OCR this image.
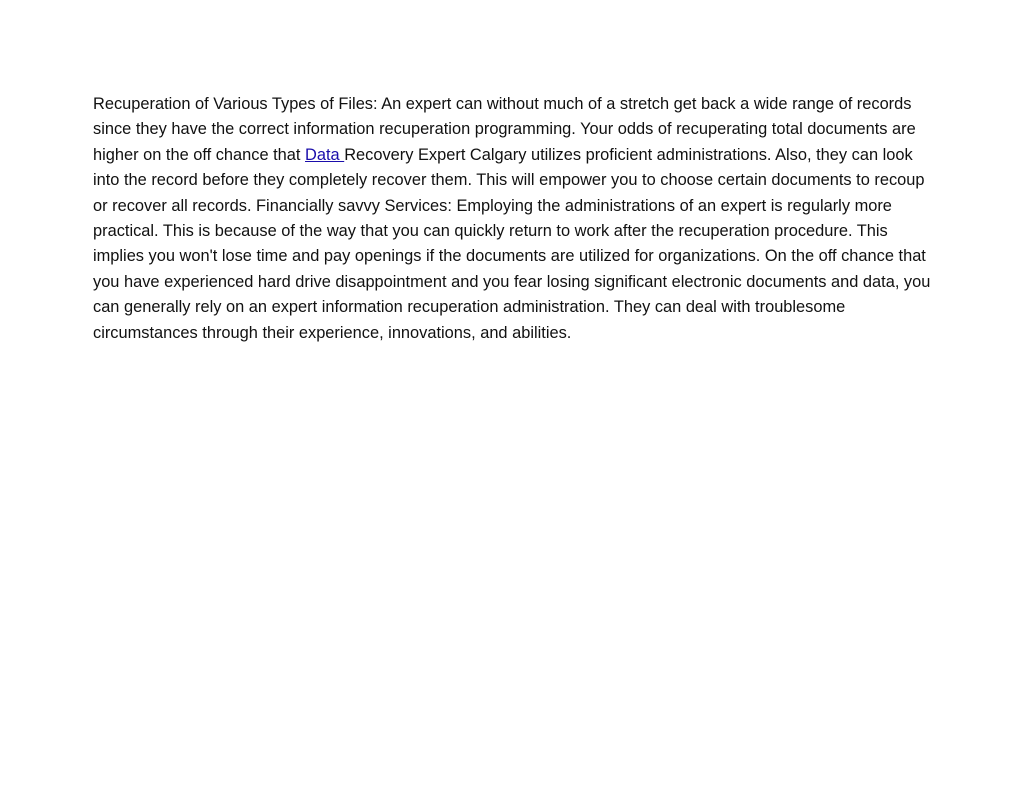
Recuperation of Various Types of Files: An expert can without much of a stretch get back a wide range of records since they have the correct information recuperation programming. Your odds of recuperating total documents are higher on the off chance that Data Recovery Expert Calgary utilizes proficient administrations. Also, they can look into the record before they completely recover them. This will empower you to choose certain documents to recoup or recover all records. Financially savvy Services: Employing the administrations of an expert is regularly more practical. This is because of the way that you can quickly return to work after the recuperation procedure. This implies you won't lose time and pay openings if the documents are utilized for organizations. On the off chance that you have experienced hard drive disappointment and you fear losing significant electronic documents and data, you can generally rely on an expert information recuperation administration. They can deal with troublesome circumstances through their experience, innovations, and abilities.
